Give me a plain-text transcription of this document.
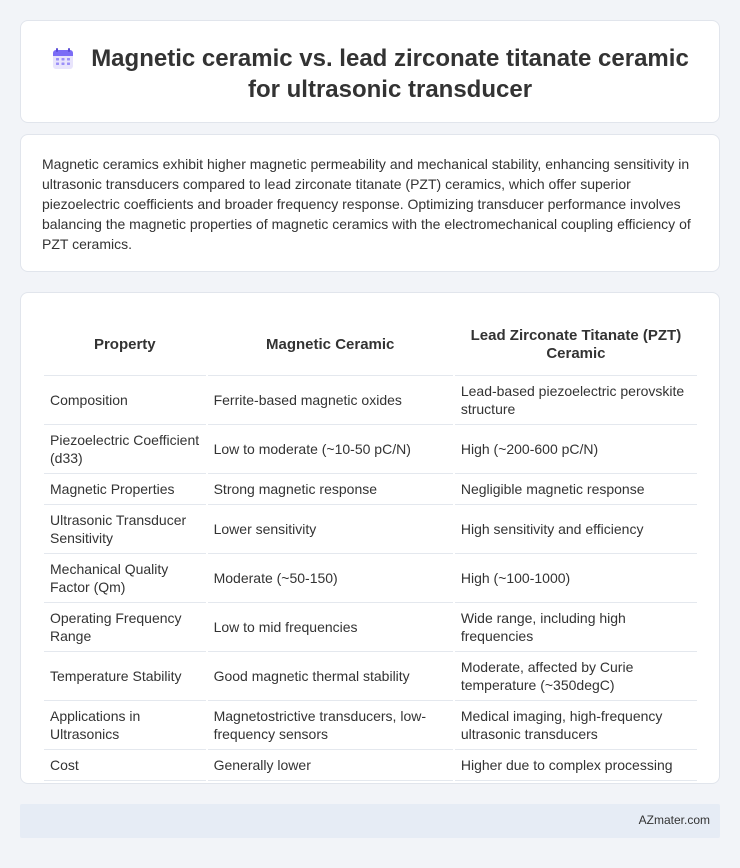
Magnetic ceramic vs. lead zirconate titanate ceramic for ultrasonic transducer

Magnetic ceramics exhibit higher magnetic permeability and mechanical stability, enhancing sensitivity in ultrasonic transducers compared to lead zirconate titanate (PZT) ceramics, which offer superior piezoelectric coefficients and broader frequency response. Optimizing transducer performance involves balancing the magnetic properties of magnetic ceramics with the electromechanical coupling efficiency of PZT ceramics.

Property	Magnetic Ceramic	Lead Zirconate Titanate (PZT) Ceramic
Composition	Ferrite-based magnetic oxides	Lead-based piezoelectric perovskite structure
Piezoelectric Coefficient (d33)	Low to moderate (~10-50 pC/N)	High (~200-600 pC/N)
Magnetic Properties	Strong magnetic response	Negligible magnetic response
Ultrasonic Transducer Sensitivity	Lower sensitivity	High sensitivity and efficiency
Mechanical Quality Factor (Qm)	Moderate (~50-150)	High (~100-1000)
Operating Frequency Range	Low to mid frequencies	Wide range, including high frequencies
Temperature Stability	Good magnetic thermal stability	Moderate, affected by Curie temperature (~350degC)
Applications in Ultrasonics	Magnetostrictive transducers, low-frequency sensors	Medical imaging, high-frequency ultrasonic transducers
Cost	Generally lower	Higher due to complex processing
AZmater.com
